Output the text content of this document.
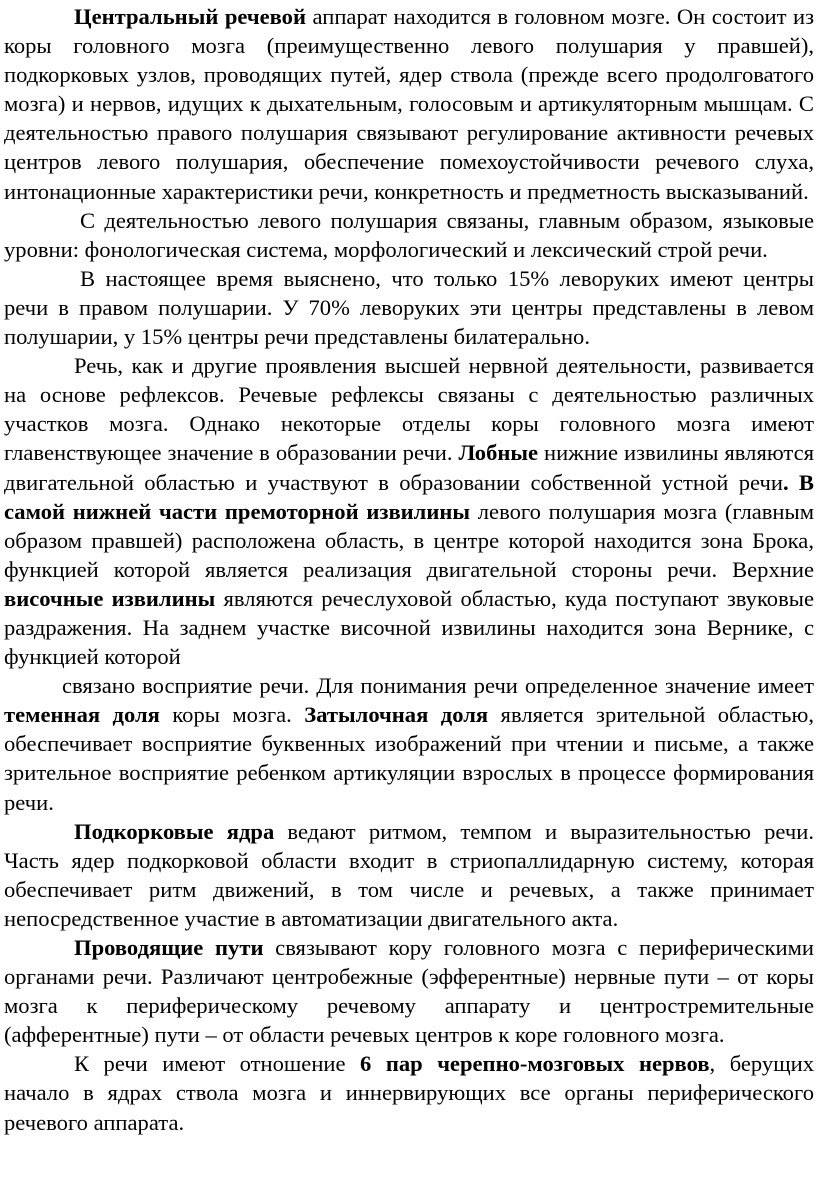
Центральный речевой аппарат находится в головном мозге. Он состоит из коры головного мозга (преимущественно левого полушария у правшей), подкорковых узлов, проводящих путей, ядер ствола (прежде всего продолговатого мозга) и нервов, идущих к дыхательным, голосовым и артикуляторным мышцам. С деятельностью правого полушария связывают регулирование активности речевых центров левого полушария, обеспечение помехоустойчивости речевого слуха, интонационные характеристики речи, конкретность и предметность высказываний.

С деятельностью левого полушария связаны, главным образом, языковые уровни: фонологическая система, морфологический и лексический строй речи.

В настоящее время выяснено, что только 15% леворуких имеют центры речи в правом полушарии. У 70% леворуких эти центры представлены в левом полушарии, у 15% центры речи представлены билатерально.

Речь, как и другие проявления высшей нервной деятельности, развивается на основе рефлексов. Речевые рефлексы связаны с деятельностью различных участков мозга. Однако некоторые отделы коры головного мозга имеют главенствующее значение в образовании речи. Лобные нижние извилины являются двигательной областью и участвуют в образовании собственной устной речи. В самой нижней части премоторной извилины левого полушария мозга (главным образом правшей) расположена область, в центре которой находится зона Брока, функцией которой является реализация двигательной стороны речи. Верхние височные извилины являются речеслуховой областью, куда поступают звуковые раздражения. На заднем участке височной извилины находится зона Вернике, с функцией которой

связано восприятие речи. Для понимания речи определенное значение имеет теменная доля коры мозга. Затылочная доля является зрительной областью, обеспечивает восприятие буквенных изображений при чтении и письме, а также зрительное восприятие ребенком артикуляции взрослых в процессе формирования речи.

Подкорковые ядра ведают ритмом, темпом и выразительностью речи. Часть ядер подкорковой области входит в стриопаллидарную систему, которая обеспечивает ритм движений, в том числе и речевых, а также принимает непосредственное участие в автоматизации двигательного акта.

Проводящие пути связывают кору головного мозга с периферическими органами речи. Различают центробежные (эфферентные) нервные пути – от коры мозга к периферическому речевому аппарату и центростремительные (афферентные) пути – от области речевых центров к коре головного мозга.

К речи имеют отношение 6 пар черепно-мозговых нервов, берущих начало в ядрах ствола мозга и иннервирующих все органы периферического речевого аппарата.
